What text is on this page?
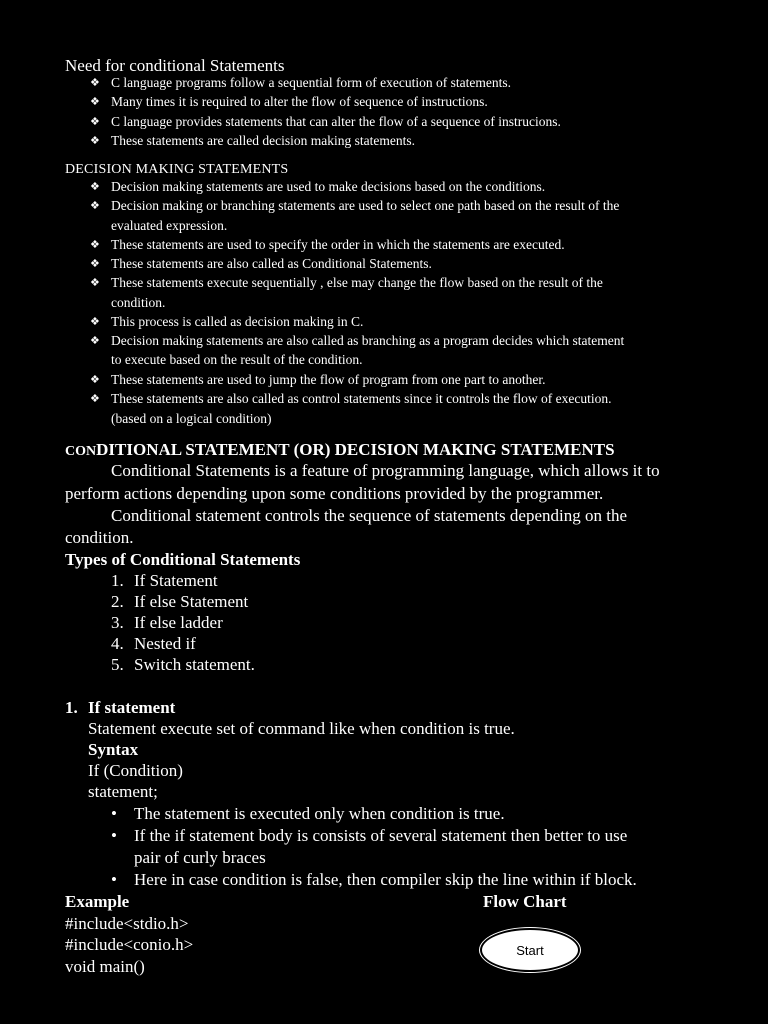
Need for conditional Statements
❖ C language programs follow a sequential form of execution of statements.
❖ Many times it is required to alter the flow of sequence of instructions.
❖ C language provides statements that can alter the flow of a sequence of instrucions.
❖ These statements are called decision making statements.
DECISION MAKING STATEMENTS
❖ Decision making statements are used to make decisions based on the conditions.
❖ Decision making or branching statements are used to select one path based on the result of the
evaluated expression.
❖ These statements are used to specify the order in which the statements are executed.
❖ These statements are also called as Conditional Statements.
❖ These statements execute sequentially , else may change the flow based on the result of the
condition.
❖ This process is called as decision making in C.
❖ Decision making statements are also called as branching as a program decides which statement
to execute based on the result of the condition.
❖ These statements are used to jump the flow of program from one part to another.
❖ These statements are also called as control statements since it controls the flow of execution.
(based on a logical condition)
CONDITIONAL STATEMENT (OR) DECISION MAKING STATEMENTS
Conditional Statements is a feature of programming language, which allows it to
perform actions depending upon some conditions provided by the programmer.
Conditional statement controls the sequence of statements depending on the
condition.
Types of Conditional Statements
1. If Statement
2. If else Statement
3. If else ladder
4. Nested if
5. Switch statement.
1. If statement
Statement execute set of command like when condition is true.
Syntax
If (Condition)
statement;
• The statement is executed only when condition is true.
• If the if statement body is consists of several statement then better to use
pair of curly braces
• Here in case condition is false, then compiler skip the line within if block.
Example	Flow Chart
#include<stdio.h>
#include<conio.h>
void main()
Start
